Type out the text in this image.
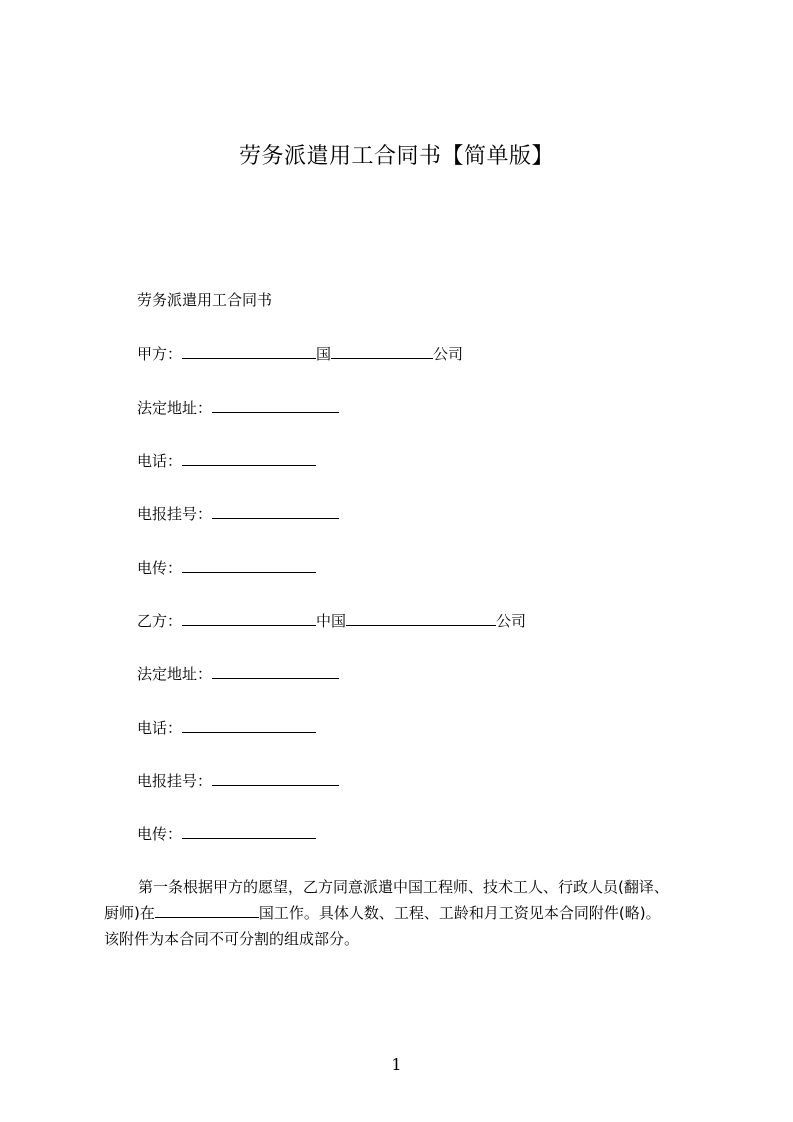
劳务派遣用工合同书【简单版】
劳务派遣用工合同书
甲方：	国	公司
法定地址：
电话：
电报挂号：
电传：
乙方：	中国	公司
法定地址：
电话：
电报挂号：
电传：
第一条根据甲方的愿望，乙方同意派遣中国工程师、技术工人、行政人员(翻译、
厨师)在	国工作。具体人数、工程、工龄和月工资见本合同附件(略)。
该附件为本合同不可分割的组成部分。
1
